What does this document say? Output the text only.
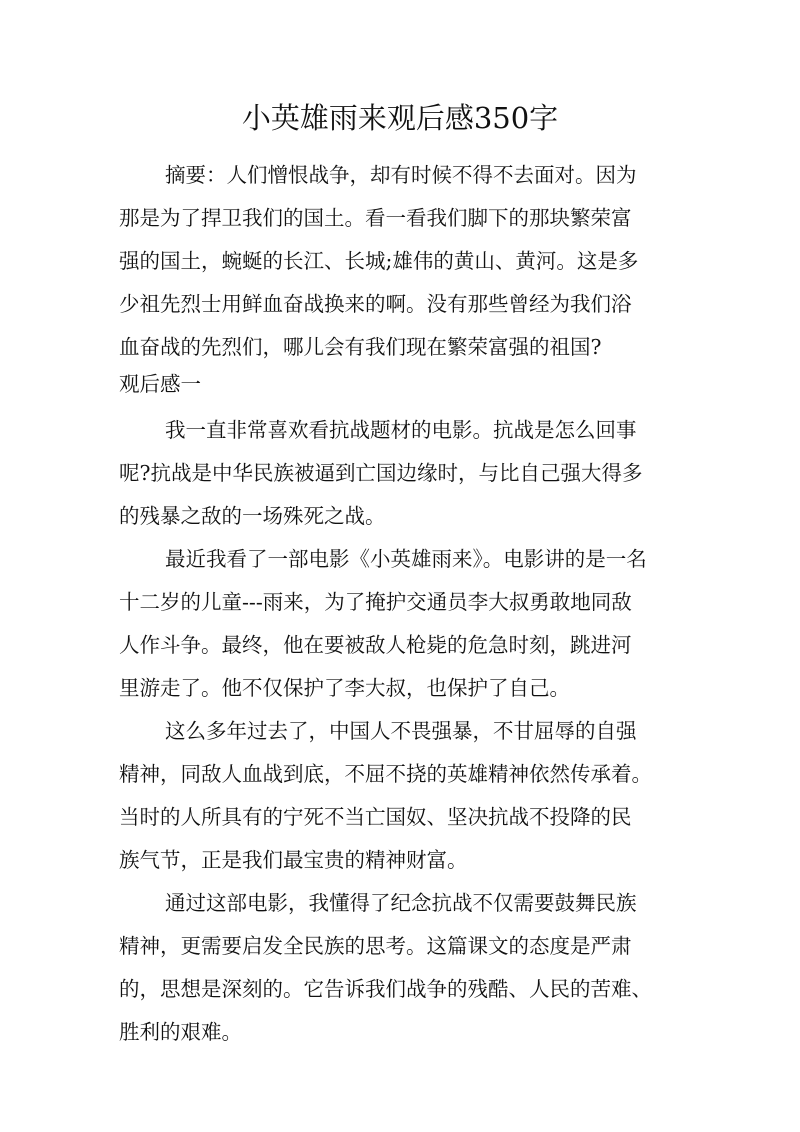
小英雄雨来观后感350字
摘要：人们憎恨战争，却有时候不得不去面对。因为
那是为了捍卫我们的国土。看一看我们脚下的那块繁荣富
强的国土，蜿蜒的长江、长城;雄伟的黄山、黄河。这是多
少祖先烈士用鲜血奋战换来的啊。没有那些曾经为我们浴
血奋战的先烈们，哪儿会有我们现在繁荣富强的祖国?
观后感一
我一直非常喜欢看抗战题材的电影。抗战是怎么回事
呢?抗战是中华民族被逼到亡国边缘时，与比自己强大得多
的残暴之敌的一场殊死之战。
最近我看了一部电影《小英雄雨来》。电影讲的是一名
十二岁的儿童---雨来，为了掩护交通员李大叔勇敢地同敌
人作斗争。最终，他在要被敌人枪毙的危急时刻，跳进河
里游走了。他不仅保护了李大叔，也保护了自己。
这么多年过去了，中国人不畏强暴，不甘屈辱的自强
精神，同敌人血战到底，不屈不挠的英雄精神依然传承着。
当时的人所具有的宁死不当亡国奴、坚决抗战不投降的民
族气节，正是我们最宝贵的精神财富。
通过这部电影，我懂得了纪念抗战不仅需要鼓舞民族
精神，更需要启发全民族的思考。这篇课文的态度是严肃
的，思想是深刻的。它告诉我们战争的残酷、人民的苦难、
胜利的艰难。
